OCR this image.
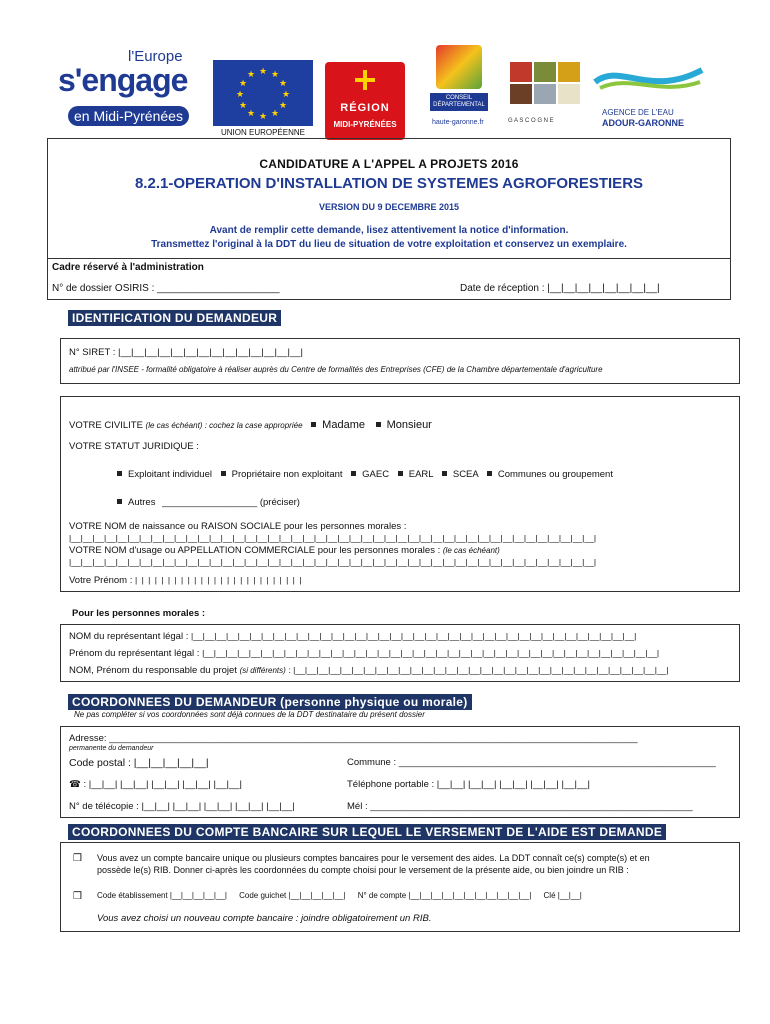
l'Europe
s'engage
en Midi-Pyrénées
★ ★
★
★
★
★
★
★
★
★
★
★
UNION EUROPÉENNE
RÉGION
MIDI-PYRÉNÉES
CONSEIL
DÉPARTEMENTAL
haute-garonne.fr	G A S C O G N E
AGENCE DE L'EAU
ADOUR-GARONNE
CANDIDATURE A L'APPEL A PROJETS 2016
8.2.1-OPERATION D'INSTALLATION DE SYSTEMES AGROFORESTIERS
VERSION DU 9 DECEMBRE 2015
Avant de remplir cette demande, lisez attentivement la notice d'information.
Transmettez l'original à la DDT du lieu de situation de votre exploitation et conservez un exemplaire.
Cadre réservé à l'administration
N° de dossier OSIRIS : ______________________	Date de réception : |__|__|__|__|__|__|__|__|
IDENTIFICATION DU DEMANDEUR
N° SIRET : |__|__|__|__|__|__|__|__|__|__|__|__|__|__|
attribué par l'INSEE - formalité obligatoire à réaliser auprès du Centre de formalités des Entreprises (CFE) de la Chambre départementale d'agriculture
VOTRE CIVILITE (le cas échéant) : cochez la case appropriée Madame Monsieur
VOTRE STATUT JURIDIQUE :
Exploitant individuel Propriétaire non exploitant GAEC EARL SCEA Communes ou groupement
Autres __________________ (préciser)
VOTRE NOM de naissance ou RAISON SOCIALE pour les personnes morales :
|__|__|__|__|__|__|__|__|__|__|__|__|__|__|__|__|__|__|__|__|__|__|__|__|__|__|__|__|__|__|__|__|__|__|__|__|__|__|__|__|__|__|__|__|__|
VOTRE NOM d'usage ou APPELLATION COMMERCIALE pour les personnes morales : (le cas échéant)
|__|__|__|__|__|__|__|__|__|__|__|__|__|__|__|__|__|__|__|__|__|__|__|__|__|__|__|__|__|__|__|__|__|__|__|__|__|__|__|__|__|__|__|__|__|
Votre Prénom : | | | | | | | | | | | | | | | | | | | | | | | | | |
Pour les personnes morales :
NOM du représentant légal : |__|__|__|__|__|__|__|__|__|__|__|__|__|__|__|__|__|__|__|__|__|__|__|__|__|__|__|__|__|__|__|__|__|__|__|__|__|__|
Prénom du représentant légal : |__|__|__|__|__|__|__|__|__|__|__|__|__|__|__|__|__|__|__|__|__|__|__|__|__|__|__|__|__|__|__|__|__|__|__|__|__|__|__|
NOM, Prénom du responsable du projet (si différents) : |__|__|__|__|__|__|__|__|__|__|__|__|__|__|__|__|__|__|__|__|__|__|__|__|__|__|__|__|__|__|__|__|
COORDONNEES DU DEMANDEUR (personne physique ou morale)
Ne pas compléter si vos coordonnées sont déjà connues de la DDT destinataire du présent dossier
Adresse: ____________________________________________________________________________________________________
permanente du demandeur
Code postal : |__|__|__|__|__|	Commune : ____________________________________________________________
☎ : |__|__| |__|__| |__|__| |__|__| |__|__|	Téléphone portable : |__|__| |__|__| |__|__| |__|__| |__|__|
N° de télécopie : |__|__| |__|__| |__|__| |__|__| |__|__|	Mél : _____________________________________________________________
COORDONNEES DU COMPTE BANCAIRE SUR LEQUEL LE VERSEMENT DE L'AIDE EST DEMANDE
❒ Vous avez un compte bancaire unique ou plusieurs comptes bancaires pour le versement des aides. La DDT connaît ce(s) compte(s) et en
possède le(s) RIB. Donner ci-après les coordonnées du compte choisi pour le versement de la présente aide, ou bien joindre un RIB :
❒ Code établissement |__|__|__|__|__| Code guichet |__|__|__|__|__| N° de compte |__|__|__|__|__|__|__|__|__|__|__| Clé |__|__|
Vous avez choisi un nouveau compte bancaire : joindre obligatoirement un RIB.
